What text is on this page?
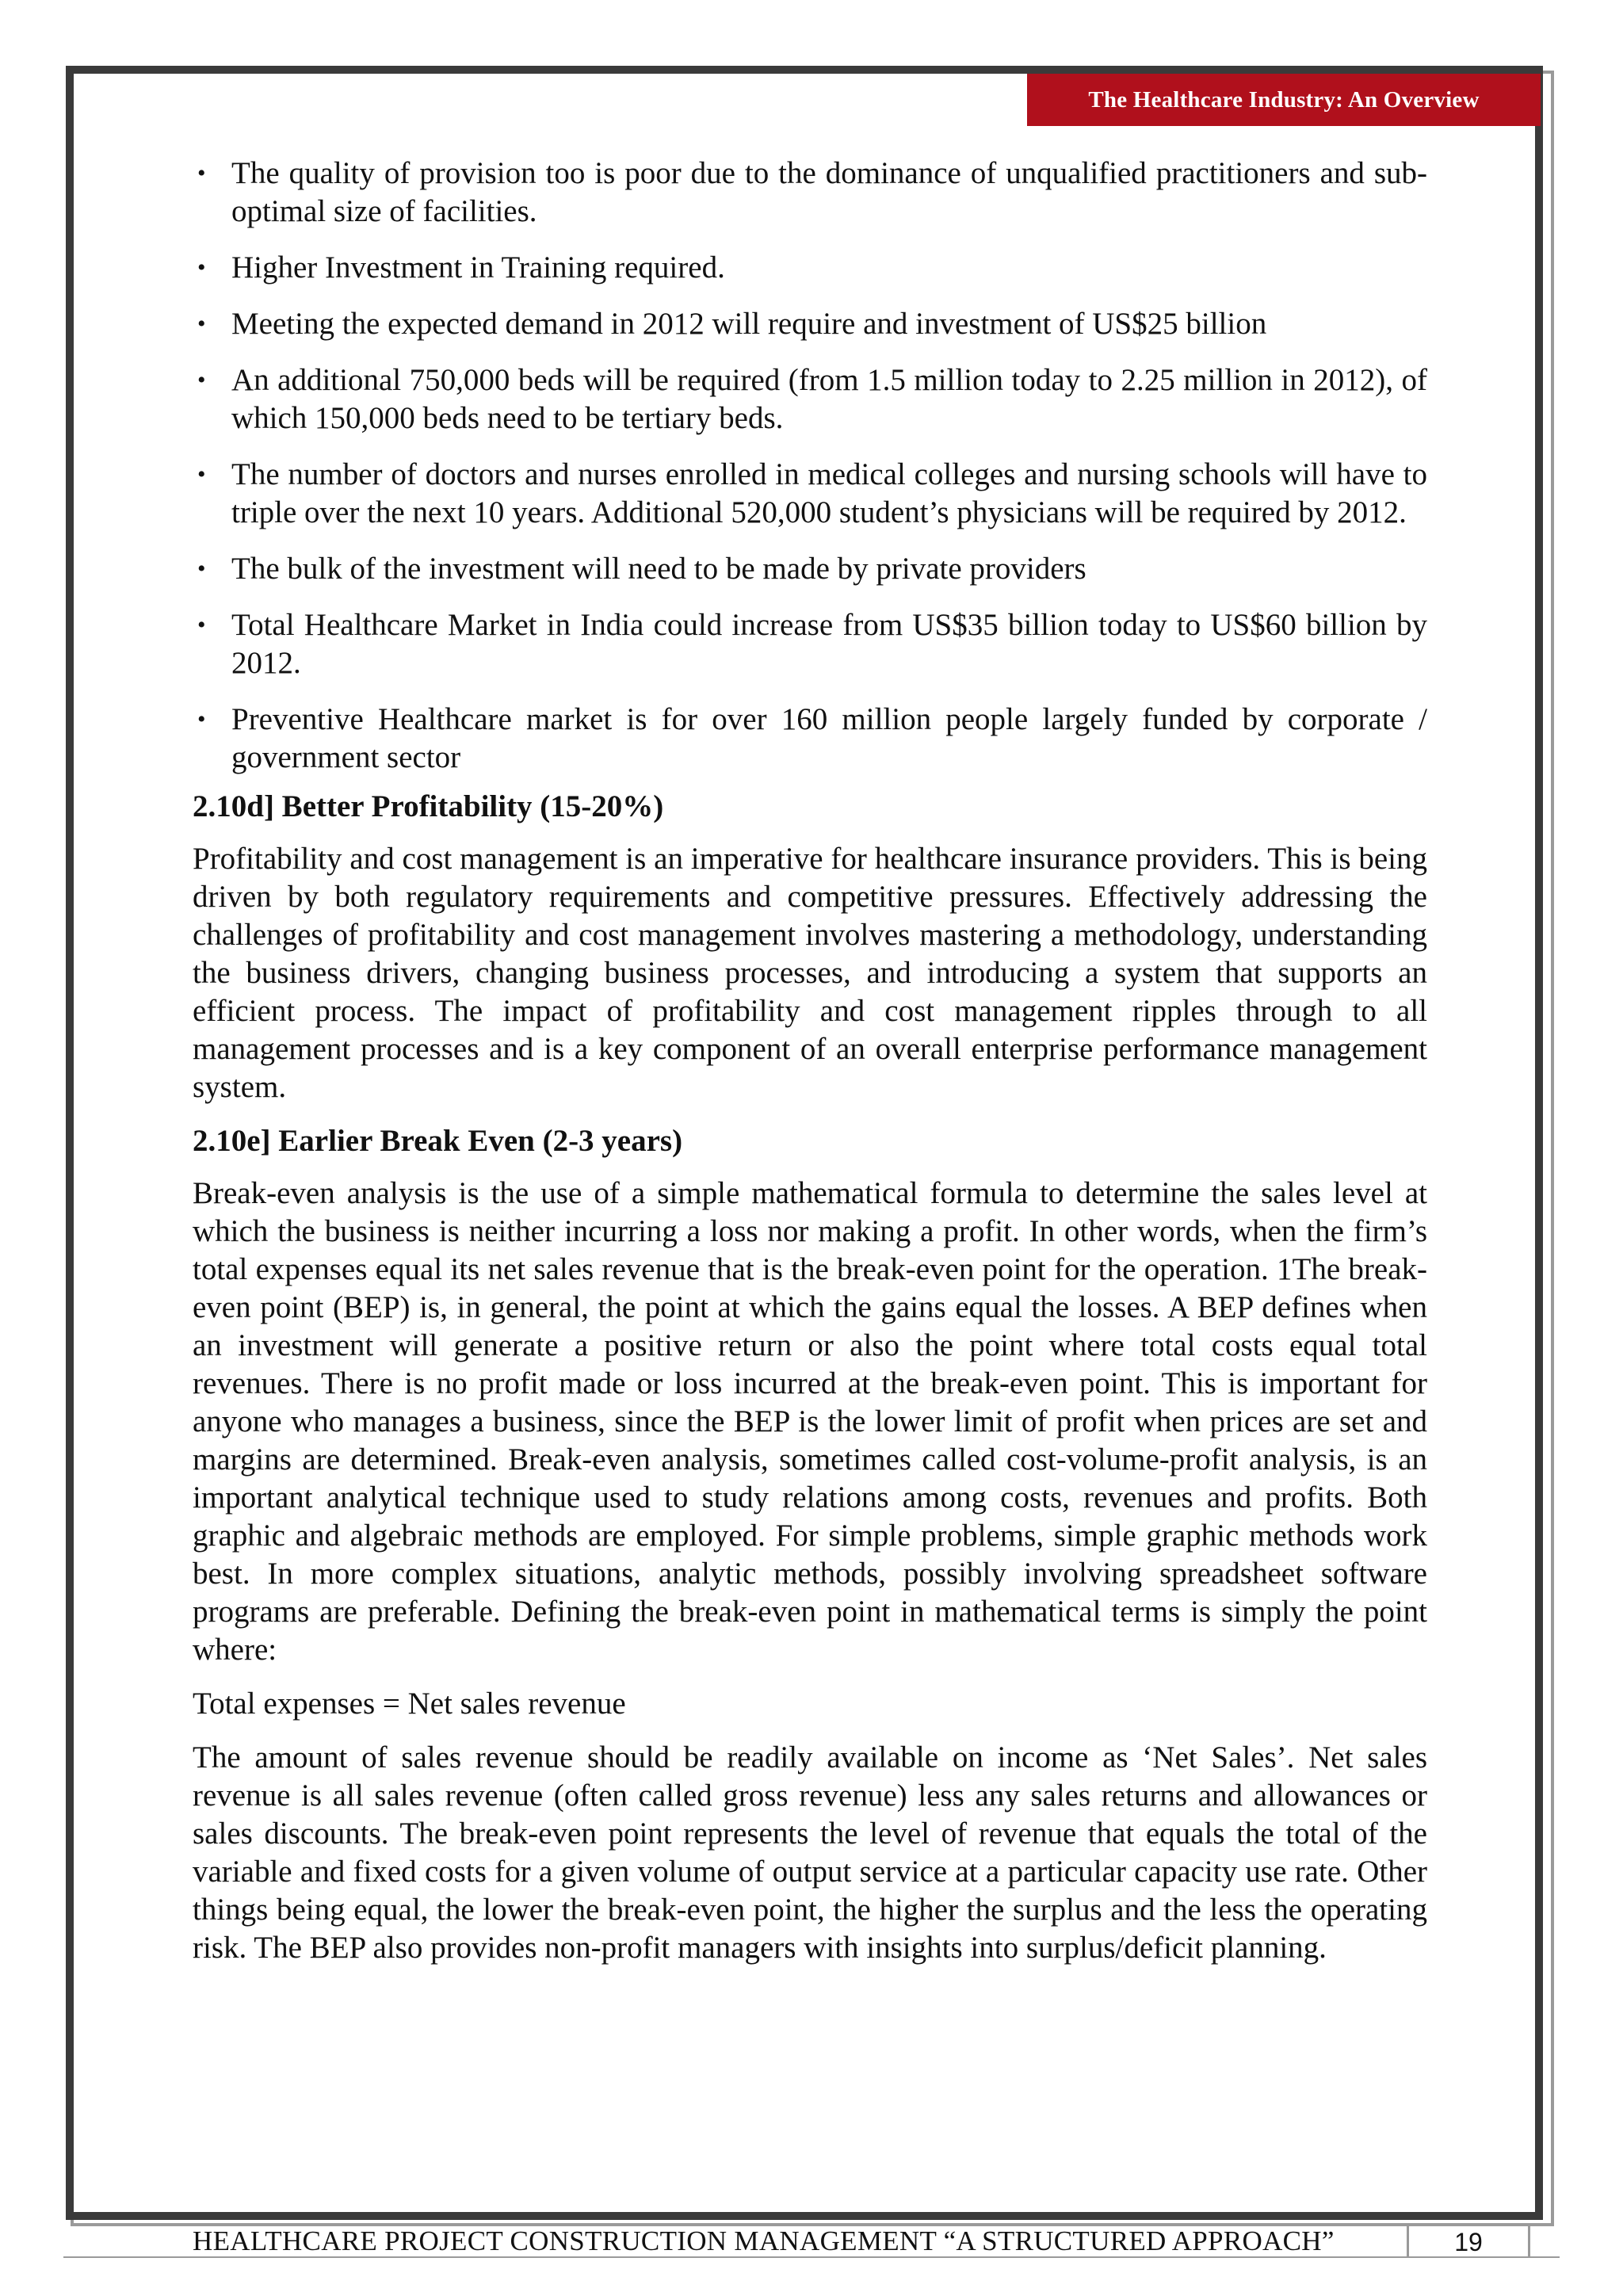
The Healthcare Industry: An Overview
• The quality of provision too is poor due to the dominance of unqualified practitioners and sub- optimal size of facilities.
• Higher Investment in Training required.
• Meeting the expected demand in 2012 will require and investment of US$25 billion
• An additional 750,000 beds will be required (from 1.5 million today to 2.25 million in 2012), of which 150,000 beds need to be tertiary beds.
• The number of doctors and nurses enrolled in medical colleges and nursing schools will have to triple over the next 10 years. Additional 520,000 student’s physicians will be required by 2012.
• The bulk of the investment will need to be made by private providers
• Total Healthcare Market in India could increase from US$35 billion today to US$60 billion by 2012.
• Preventive Healthcare market is for over 160 million people largely funded by corporate / government sector
2.10d] Better Profitability (15-20%)

Profitability and cost management is an imperative for healthcare insurance providers. This is being driven by both regulatory requirements and competitive pressures. Effectively addressing the challenges of profitability and cost management involves mastering a methodology, understanding the business drivers, changing business processes, and introducing a system that supports an efficient process. The impact of profitability and cost management ripples through to all management processes and is a key component of an overall enterprise performance management system.

2.10e] Earlier Break Even (2-3 years)

Break-even analysis is the use of a simple mathematical formula to determine the sales level at which the business is neither incurring a loss nor making a profit. In other words, when the firm’s total expenses equal its net sales revenue that is the break-even point for the operation. 1The break-even point (BEP) is, in general, the point at which the gains equal the losses. A BEP defines when an investment will generate a positive return or also the point where total costs equal total revenues. There is no profit made or loss incurred at the break-even point. This is important for anyone who manages a business, since the BEP is the lower limit of profit when prices are set and margins are determined. Break-even analysis, sometimes called cost-volume-profit analysis, is an important analytical technique used to study relations among costs, revenues and profits. Both graphic and algebraic methods are employed. For simple problems, simple graphic methods work best. In more complex situations, analytic methods, possibly involving spreadsheet software programs are preferable. Defining the break-even point in mathematical terms is simply the point where:

Total expenses = Net sales revenue

The amount of sales revenue should be readily available on income as ‘Net Sales’. Net sales revenue is all sales revenue (often called gross revenue) less any sales returns and allowances or sales discounts. The break-even point represents the level of revenue that equals the total of the variable and fixed costs for a given volume of output service at a particular capacity use rate. Other things being equal, the lower the break-even point, the higher the surplus and the less the operating risk. The BEP also provides non-profit managers with insights into surplus/deficit planning.

HEALTHCARE PROJECT CONSTRUCTION MANAGEMENT “A STRUCTURED APPROACH”	19
